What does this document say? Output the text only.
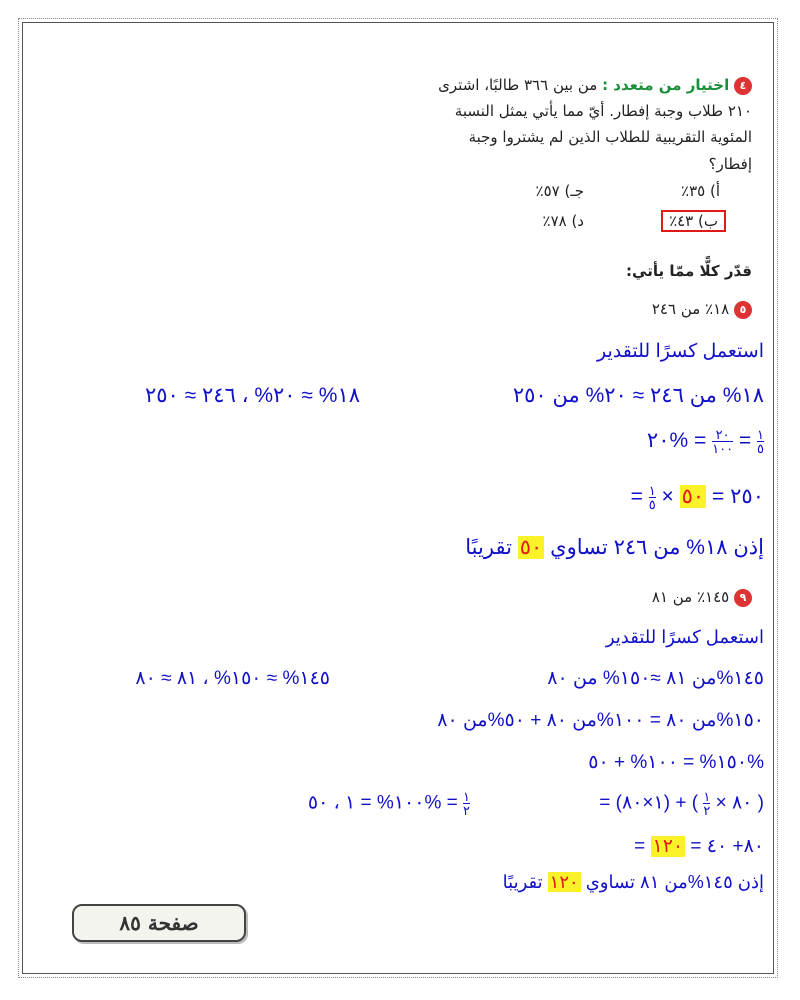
٤ اختيار من متعدد : من بين ٣٦٦ طالبًا، اشترى
٢١٠ طلاب وجبة إفطار. أيّ مما يأتي يمثل النسبة
المئوية التقريبية للطلاب الذين لم يشتروا وجبة
إفطار؟
أ) ٣٥٪
جـ) ٥٧٪
ب) ٤٣٪
د) ٧٨٪
قدّر كلًّا ممّا يأتي:
٥ ١٨٪ من ٢٤٦
استعمل كسرًا للتقدير
١٨% من ٢٤٦ ≈ ٢٠% من ٢٥٠
١٨% ≈ ٢٠% ، ٢٤٦ ≈ ٢٥٠
٢٠% = $\frac{٢٠}{١٠٠} = \frac{١}{٥}$
= $\frac{١}{٥}$ × ٢٥٠ = ٥٠
إذن ١٨% من ٢٤٦ تساوي ٥٠ تقريبًا
٩ ١٤٥٪ من ٨١
استعمل كسرًا للتقدير
١٤٥%من ٨١ ≈١٥٠% من ٨٠
١٤٥% ≈ ١٥٠% ، ٨١ ≈ ٨٠
١٥٠%من ٨٠ = ١٠٠%من ٨٠ + ٥٠%من ٨٠
١٥٠% = ١٠٠% + ٥٠%
= (١×٨٠) + ( $\frac{١}{٢}$ × ٨٠ )
١٠٠% = ١ ، ٥٠% = $\frac{١}{٢}$
= ٨٠+ ٤٠ = ١٢٠
إذن ١٤٥%من ٨١ تساوي ١٢٠ تقريبًا
صفحة ٨٥
